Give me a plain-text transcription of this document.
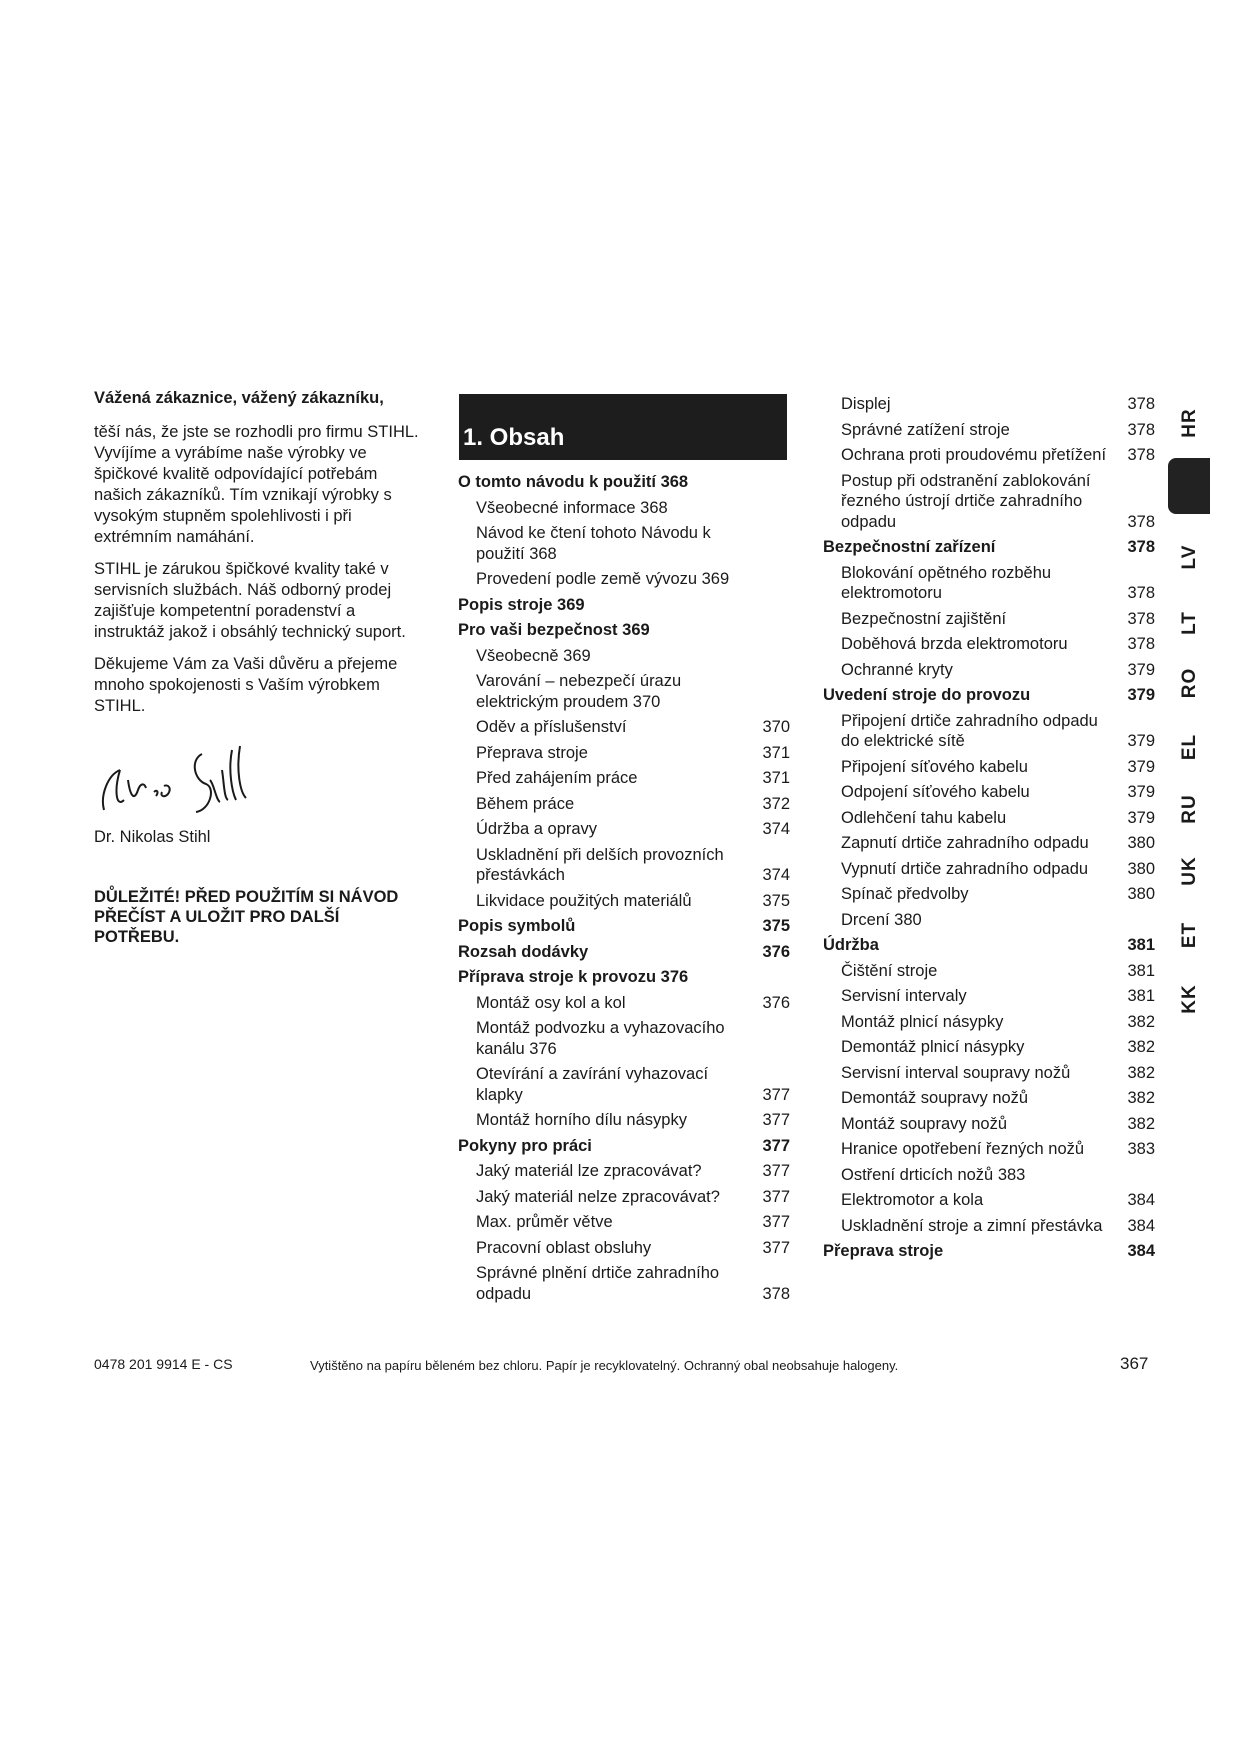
Vážená zákaznice, vážený zákazníku,

těší nás, že jste se rozhodli pro firmu STIHL. Vyvíjíme a vyrábíme naše výrobky ve špičkové kvalitě odpovídající potřebám našich zákazníků. Tím vznikají výrobky s vysokým stupněm spolehlivosti i při extrémním namáhání.

STIHL je zárukou špičkové kvality také v servisních službách. Náš odborný prodej zajišťuje kompetentní poradenství a instruktáž jakož i obsáhlý technický suport.

Děkujeme Vám za Vaši důvěru a přejeme mnoho spokojenosti s Vaším výrobkem STIHL.

Dr. Nikolas Stihl
DŮLEŽITÉ! PŘED POUŽITÍM SI NÁVOD PŘEČÍST A ULOŽIT PRO DALŠÍ POTŘEBU.
1. Obsah
O tomto návodu k použití 368
Všeobecné informace 368
Návod ke čtení tohoto Návodu k použití 368
Provedení podle země vývozu 369
Popis stroje 369
Pro vaši bezpečnost 369
Všeobecně 369
Varování – nebezpečí úrazu elektrickým proudem 370
Oděv a příslušenství	370
Přeprava stroje	371
Před zahájením práce	371
Během práce	372
Údržba a opravy	374
Uskladnění při delších provozních přestávkách	374
Likvidace použitých materiálů	375
Popis symbolů	375
Rozsah dodávky	376
Příprava stroje k provozu 376
Montáž osy kol a kol	376
Montáž podvozku a vyhazovacího kanálu 376
Otevírání a zavírání vyhazovací klapky	377
Montáž horního dílu násypky	377
Pokyny pro práci	377
Jaký materiál lze zpracovávat?	377
Jaký materiál nelze zpracovávat?	377
Max. průměr větve	377
Pracovní oblast obsluhy	377
Správné plnění drtiče zahradního odpadu	378
Displej	378
Správné zatížení stroje	378
Ochrana proti proudovému přetížení	378
Postup při odstranění zablokování řezného ústrojí drtiče zahradního odpadu	378
Bezpečnostní zařízení	378
Blokování opětného rozběhu elektromotoru	378
Bezpečnostní zajištění	378
Doběhová brzda elektromotoru	378
Ochranné kryty	379
Uvedení stroje do provozu	379
Připojení drtiče zahradního odpadu do elektrické sítě	379
Připojení síťového kabelu	379
Odpojení síťového kabelu	379
Odlehčení tahu kabelu	379
Zapnutí drtiče zahradního odpadu	380
Vypnutí drtiče zahradního odpadu	380
Spínač předvolby	380
Drcení 380
Údržba	381
Čištění stroje	381
Servisní intervaly	381
Montáž plnicí násypky	382
Demontáž plnicí násypky	382
Servisní interval soupravy nožů	382
Demontáž soupravy nožů	382
Montáž soupravy nožů	382
Hranice opotřebení řezných nožů	383
Ostření drticích nožů 383
Elektromotor a kola	384
Uskladnění stroje a zimní přestávka	384
Přeprava stroje	384
HR
CS
LV
LT
RO
EL
RU
UK
ET
KK
0478 201 9914 E - CS	Vytištěno na papíru běleném bez chloru. Papír je recyklovatelný. Ochranný obal neobsahuje halogeny.	367
